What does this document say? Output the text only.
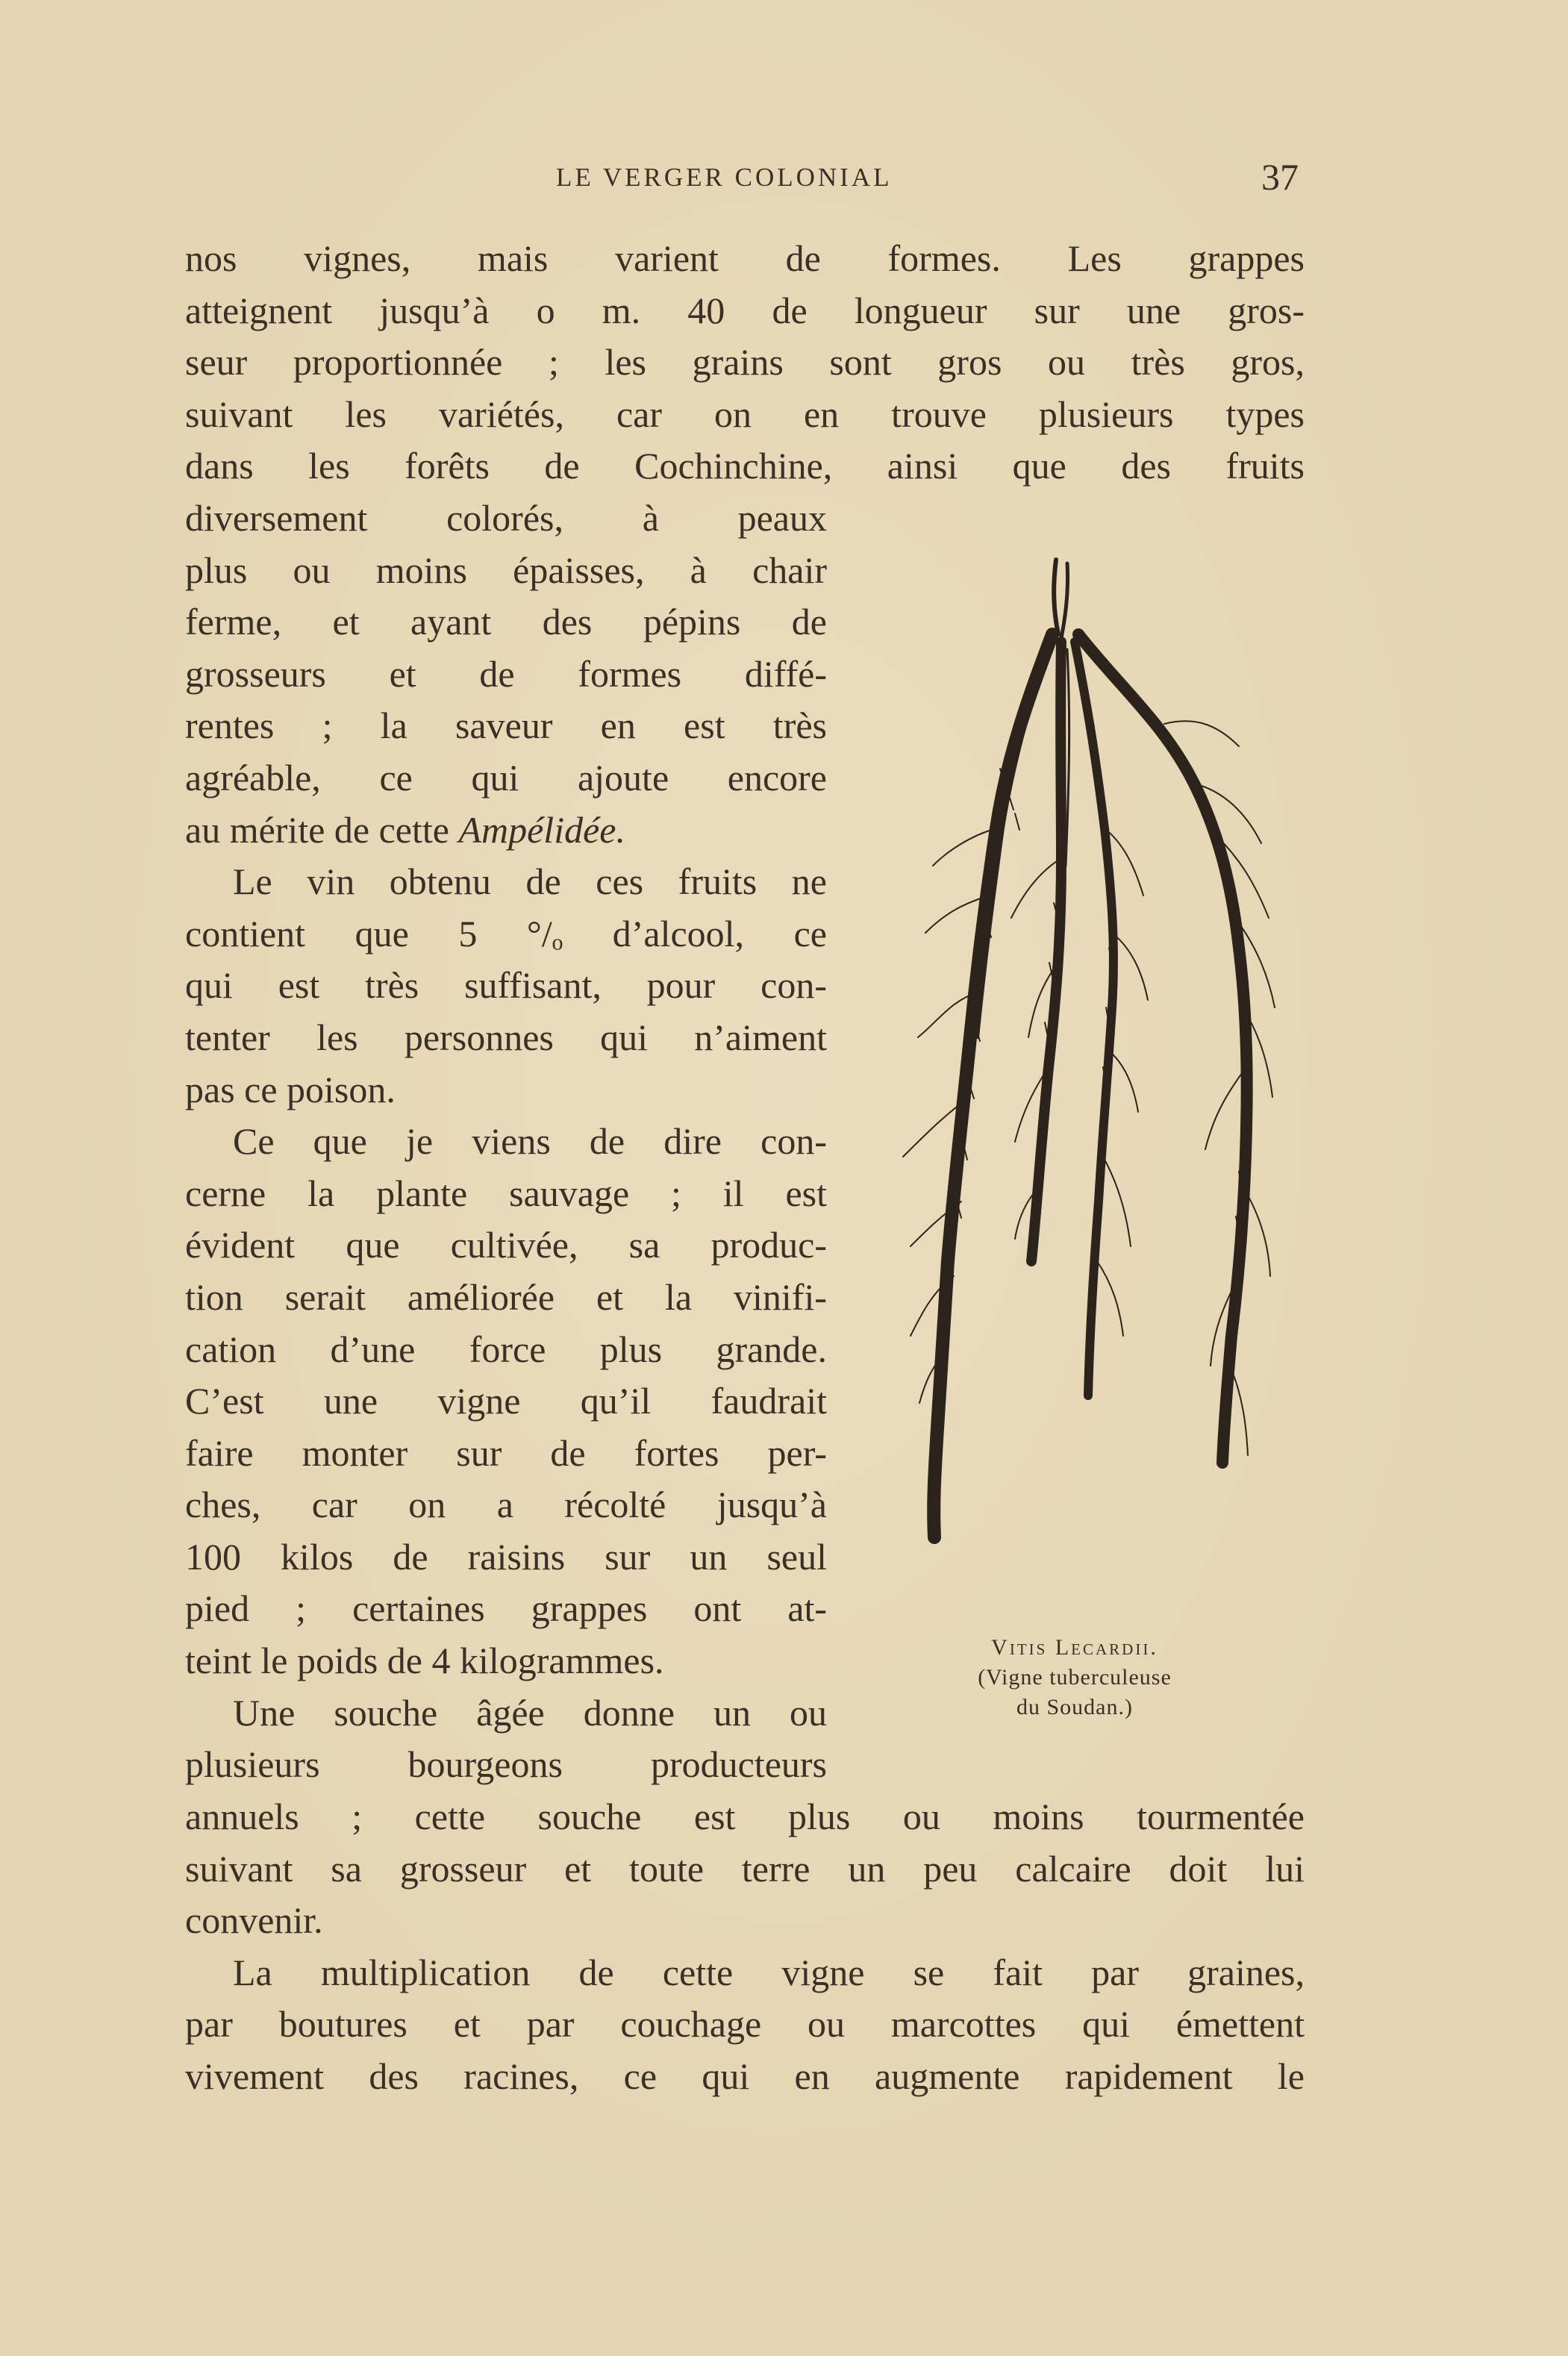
LE VERGER COLONIAL	37
nos vignes, mais varient de formes. Les grappes
atteignent jusqu’à o m. 40 de longueur sur une gros-
seur proportionnée ; les grains sont gros ou très gros,
suivant les variétés, car on en trouve plusieurs types
dans les forêts de Cochinchine, ainsi que des fruits
diversement colorés, à peaux
plus ou moins épaisses, à chair
ferme, et ayant des pépins de
grosseurs et de formes diffé-
rentes ; la saveur en est très
agréable, ce qui ajoute encore
au mérite de cette Ampélidée.
Le vin obtenu de ces fruits ne
contient que 5 °/ₒ d’alcool, ce
qui est très suffisant, pour con-
tenter les personnes qui n’aiment
pas ce poison.
Ce que je viens de dire con-
cerne la plante sauvage ; il est
évident que cultivée, sa produc-
tion serait améliorée et la vinifi-
cation d’une force plus grande.
C’est une vigne qu’il faudrait
faire monter sur de fortes per-
ches, car on a récolté jusqu’à
100 kilos de raisins sur un seul
pied ; certaines grappes ont at-
teint le poids de 4 kilogrammes.
Une souche âgée donne un ou
plusieurs bourgeons producteurs
annuels ; cette souche est plus ou moins tourmentée
suivant sa grosseur et toute terre un peu calcaire doit lui
convenir.
La multiplication de cette vigne se fait par graines,
par boutures et par couchage ou marcottes qui émettent
vivement des racines, ce qui en augmente rapidement le
Vitis Lecardii.
(Vigne tuberculeuse
du Soudan.)
